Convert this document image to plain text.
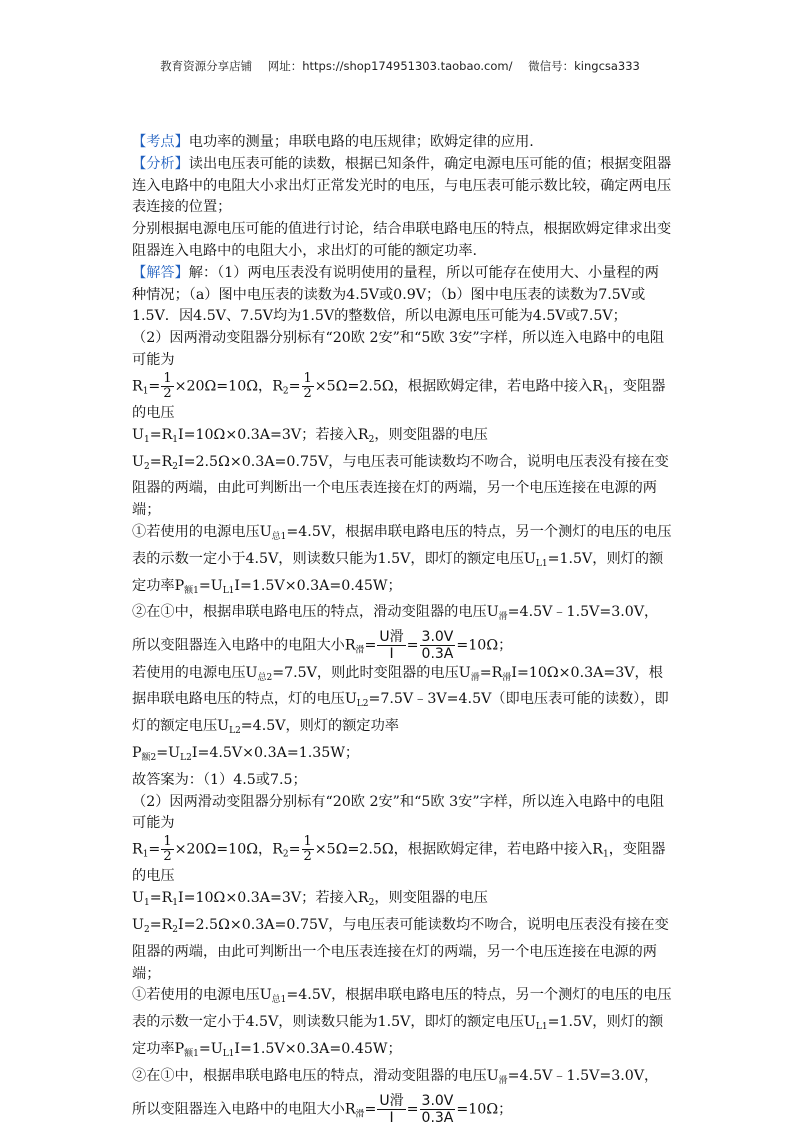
教育资源分享店铺 网址：https://shop174951303.taobao.com/ 微信号：kingcsa333

【考点】电功率的测量；串联电路的电压规律；欧姆定律的应用.

【分析】读出电压表可能的读数，根据已知条件，确定电源电压可能的值；根据变阻器连入电路中的电阻大小求出灯正常发光时的电压，与电压表可能示数比较，确定两电压表连接的位置；

分别根据电源电压可能的值进行讨论，结合串联电路电压的特点，根据欧姆定律求出变阻器连入电路中的电阻大小，求出灯的可能的额定功率.

【解答】解：（1）两电压表没有说明使用的量程，所以可能存在使用大、小量程的两种情况；（a）图中电压表的读数为4.5V或0.9V；（b）图中电压表的读数为7.5V或1.5V．因4.5V、7.5V均为1.5V的整数倍，所以电源电压可能为4.5V或7.5V；

（2）因两滑动变阻器分别标有“20欧 2安”和“5欧 3安”字样，所以连入电路中的电阻可能为

$R_1= \frac{1}{2} \times 20\Omega=10\Omega$，$R_2= \frac{1}{2} \times 5\Omega=2.5\Omega$，根据欧姆定律，若电路中接入$R_1$，变阻器的电压

$U_1=R_1I=10\Omega\times 0.3A=3V$；若接入$R_2$，则变阻器的电压$U_2=R_2I=2.5\Omega\times 0.3A=0.75V$，与电压表可能读数均不吻合，说明电压表没有接在变阻器的两端，由此可判断出一个电压表连接在灯的两端，另一个电压连接在电源的两端；

①若使用的电源电压$U_{总1}=4.5V$，根据串联电路电压的特点，另一个测灯的电压的电压表的示数一定小于4.5V，则读数只能为1.5V，即灯的额定电压$U_{L1}=1.5V$，则灯的额定功率$P_{额1}=U_{L1}I=1.5V\times 0.3A=0.45W$；

②在①中，根据串联电路电压的特点，滑动变阻器的电压$U_滑=4.5V﹣1.5V=3.0V$，所以变阻器连入电路中的电阻大小$R_滑= \frac{\text{U滑}}{I} = \frac{3.0V}{0.3A} =10\Omega$；

若使用的电源电压$U_{总2}=7.5V$，则此时变阻器的电压$U_滑=R_滑I=10\Omega\times 0.3A=3V$，根据串联电路电压的特点，灯的电压$U_{L2}=7.5V﹣3V=4.5V$（即电压表可能的读数），即灯的额定电压$U_{L2}=4.5V$，则灯的额定功率

$P_{额2}=U_{L2}I=4.5V\times 0.3A=1.35W$；

故答案为：（1）4.5或7.5；

（2）因两滑动变阻器分别标有“20欧 2安”和“5欧 3安”字样，所以连入电路中的电阻可能为

$R_1= \frac{1}{2} \times 20\Omega=10\Omega$，$R_2= \frac{1}{2} \times 5\Omega=2.5\Omega$，根据欧姆定律，若电路中接入$R_1$，变阻器的电压

$U_1=R_1I=10\Omega\times 0.3A=3V$；若接入$R_2$，则变阻器的电压$U_2=R_2I=2.5\Omega\times 0.3A=0.75V$，与电压表可能读数均不吻合，说明电压表没有接在变阻器的两端，由此可判断出一个电压表连接在灯的两端，另一个电压连接在电源的两端；

①若使用的电源电压$U_{总1}=4.5V$，根据串联电路电压的特点，另一个测灯的电压的电压表的示数一定小于4.5V，则读数只能为1.5V，即灯的额定电压$U_{L1}=1.5V$，则灯的额定功率$P_{额1}=U_{L1}I=1.5V\times 0.3A=0.45W$；

②在①中，根据串联电路电压的特点，滑动变阻器的电压$U_滑=4.5V﹣1.5V=3.0V$，所以变阻器连入电路中的电阻大小$R_滑= \frac{\text{U滑}}{I} = \frac{3.0V}{0.3A} =10\Omega$；
